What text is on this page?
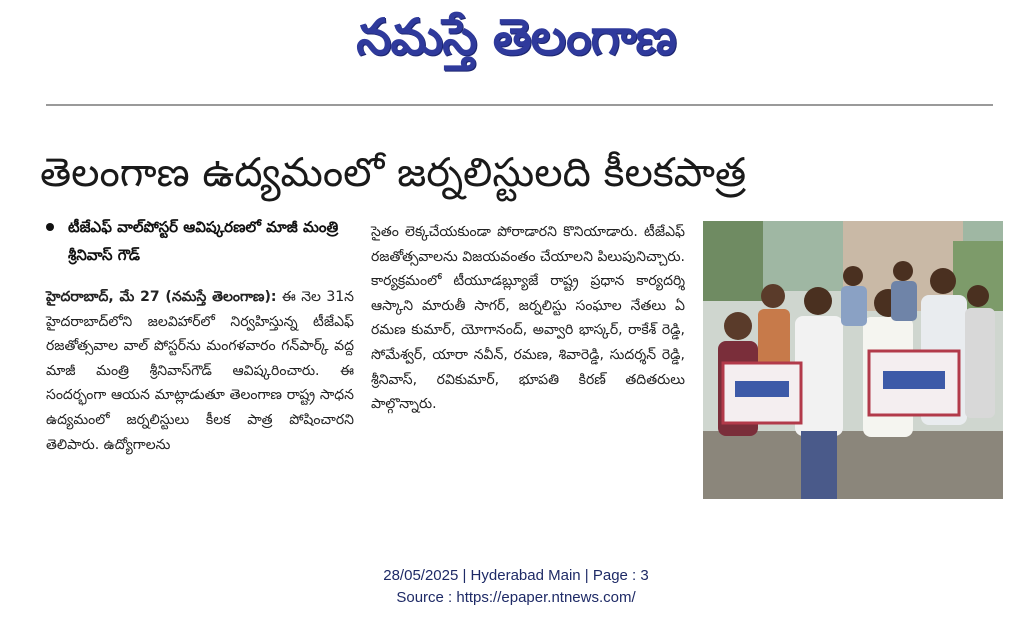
నమస్తే తెలంగాణ
తెలంగాణ ఉద్యమంలో జర్నలిస్టులది కీలకపాత్ర
టీజేఎఫ్ వాల్‌పోస్టర్ ఆవిష్కరణలో మాజీ మంత్రి శ్రీనివాస్ గౌడ్

హైదరాబాద్, మే 27 (నమస్తే తెలంగాణ): ఈ నెల 31న హైదరాబాద్‌లోని జలవిహార్‌లో నిర్వహిస్తున్న టీజేఎఫ్ రజతోత్సవాల వాల్ పోస్టర్‌ను మంగళవారం గన్‌పార్క్ వద్ద మాజీ మంత్రి శ్రీనివాస్‌గౌడ్ ఆవిష్కరించారు. ఈ సందర్భంగా ఆయన మాట్లాడుతూ తెలంగాణ రాష్ట్ర సాధన ఉద్యమంలో జర్నలిస్టులు కీలక పాత్ర పోషించారని తెలిపారు. ఉద్యోగాలను

సైతం లెక్కచేయకుండా పోరాడారని కొనియాడారు. టీజేఎఫ్ రజతోత్సవాలను విజయవంతం చేయాలని పిలుపునిచ్చారు. కార్యక్రమంలో టీయూడబ్ల్యూజే రాష్ట్ర ప్రధాన కార్యదర్శి ఆస్కాని మారుతీ సాగర్, జర్నలిస్టు సంఘాల నేతలు ఏ రమణ కుమార్, యోగానంద్, అవ్వారి భాస్కర్, రాకేశ్ రెడ్డి, సోమేశ్వర్, యారా నవీన్, రమణ, శివారెడ్డి, సుదర్శన్ రెడ్డి, శ్రీనివాస్, రవికుమార్, భూపతి కిరణ్ తదితరులు పాల్గొన్నారు.

28/05/2025 | Hyderabad Main | Page : 3
Source : https://epaper.ntnews.com/
